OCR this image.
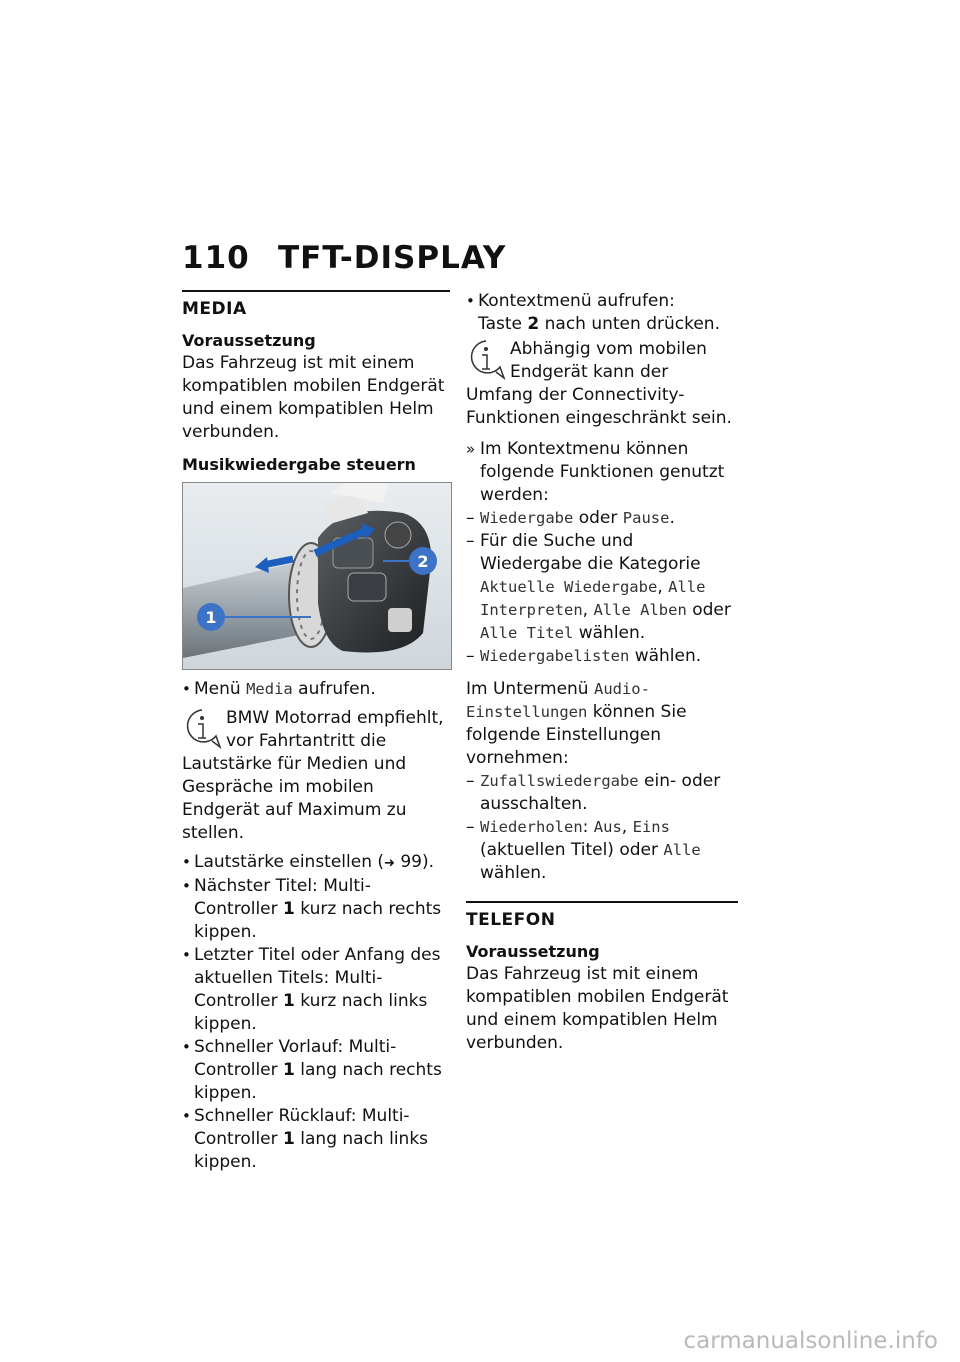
110 TFT-DISPLAY
MEDIA
Voraussetzung

Das Fahrzeug ist mit einem kompatiblen mobilen Endgerät und einem kompatiblen Helm verbunden.

Musikwiedergabe steuern
1
2
• Menü Media aufrufen.
BMW Motorrad empfiehlt, vor Fahrtantritt die Lautstärke für Medien und Gespräche im mobilen Endgerät auf Maximum zu stellen.
• Lautstärke einstellen (➜ 99).
• Nächster Titel: Multi-Controller 1 kurz nach rechts kippen.
• Letzter Titel oder Anfang des aktuellen Titels: Multi-Controller 1 kurz nach links kippen.
• Schneller Vorlauf: Multi-Controller 1 lang nach rechts kippen.
• Schneller Rücklauf: Multi-Controller 1 lang nach links kippen.
• Kontextmenü aufrufen:
Taste 2 nach unten drücken.
Abhängig vom mobilen Endgerät kann der Umfang der Connectivity-Funktionen eingeschränkt sein.
» Im Kontextmenu können folgende Funktionen genutzt werden:
– Wiedergabe oder Pause.
– Für die Suche und Wiedergabe die Kategorie Aktuelle Wiedergabe, Alle Interpreten, Alle Alben oder Alle Titel wählen.
– Wiedergabelisten wählen.

Im Untermenü Audio-Einstellungen können Sie folgende Einstellungen vornehmen:

– Zufallswiedergabe ein- oder ausschalten.
– Wiederholen: Aus, Eins (aktuellen Titel) oder Alle wählen.
TELEFON
Voraussetzung

Das Fahrzeug ist mit einem kompatiblen mobilen Endgerät und einem kompatiblen Helm verbunden.

carmanualsonline.info
